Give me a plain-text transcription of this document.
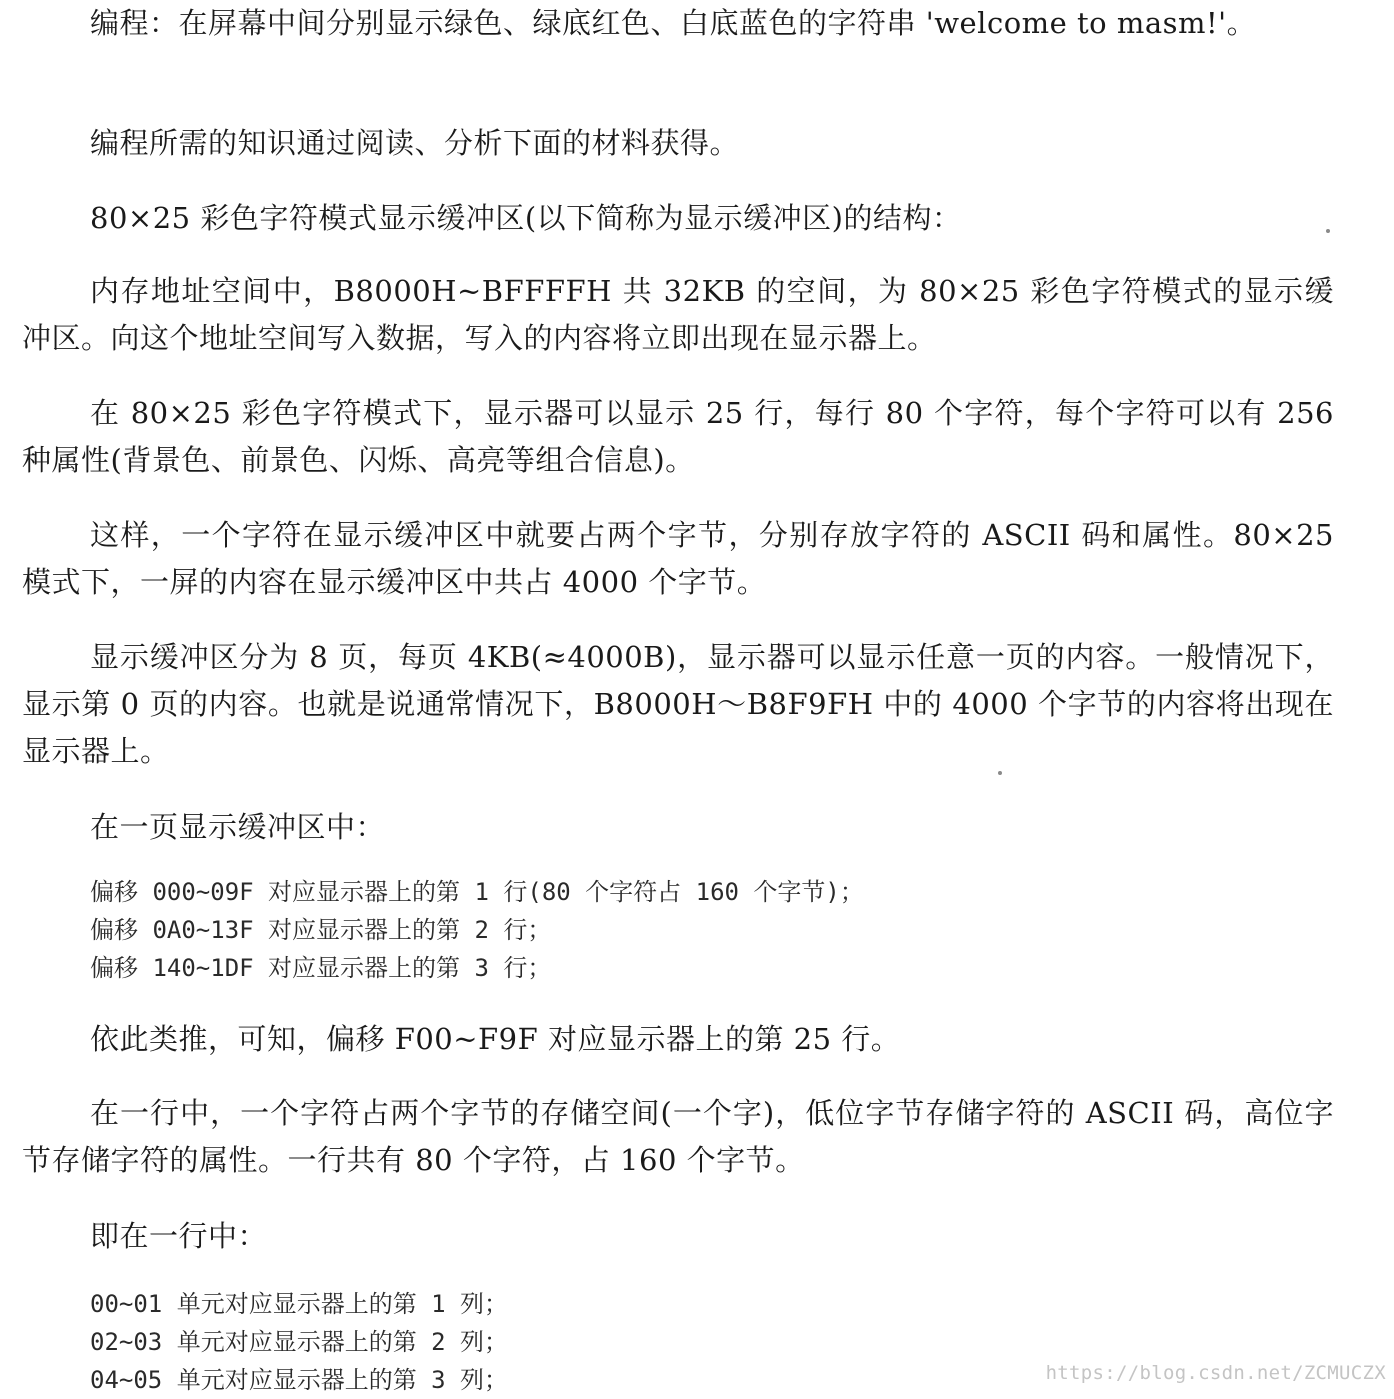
编程：在屏幕中间分别显示绿色、绿底红色、白底蓝色的字符串 'welcome to masm!'。

编程所需的知识通过阅读、分析下面的材料获得。

80×25 彩色字符模式显示缓冲区(以下简称为显示缓冲区)的结构：

内存地址空间中，B8000H~BFFFFH 共 32KB 的空间，为 80×25 彩色字符模式的显示缓冲区。向这个地址空间写入数据，写入的内容将立即出现在显示器上。

在 80×25 彩色字符模式下，显示器可以显示 25 行，每行 80 个字符，每个字符可以有 256 种属性(背景色、前景色、闪烁、高亮等组合信息)。

这样，一个字符在显示缓冲区中就要占两个字节，分别存放字符的 ASCII 码和属性。80×25 模式下，一屏的内容在显示缓冲区中共占 4000 个字节。

显示缓冲区分为 8 页，每页 4KB(≈4000B)，显示器可以显示任意一页的内容。一般情况下，显示第 0 页的内容。也就是说通常情况下，B8000H～B8F9FH 中的 4000 个字节的内容将出现在显示器上。

在一页显示缓冲区中：

偏移 000~09F 对应显示器上的第 1 行(80 个字符占 160 个字节)；
偏移 0A0~13F 对应显示器上的第 2 行；
偏移 140~1DF 对应显示器上的第 3 行；

依此类推，可知，偏移 F00~F9F 对应显示器上的第 25 行。

在一行中，一个字符占两个字节的存储空间(一个字)，低位字节存储字符的 ASCII 码，高位字节存储字符的属性。一行共有 80 个字符，占 160 个字节。

即在一行中：

00~01 单元对应显示器上的第 1 列；
02~03 单元对应显示器上的第 2 列；
04~05 单元对应显示器上的第 3 列；	https://blog.csdn.net/ZCMUCZX
